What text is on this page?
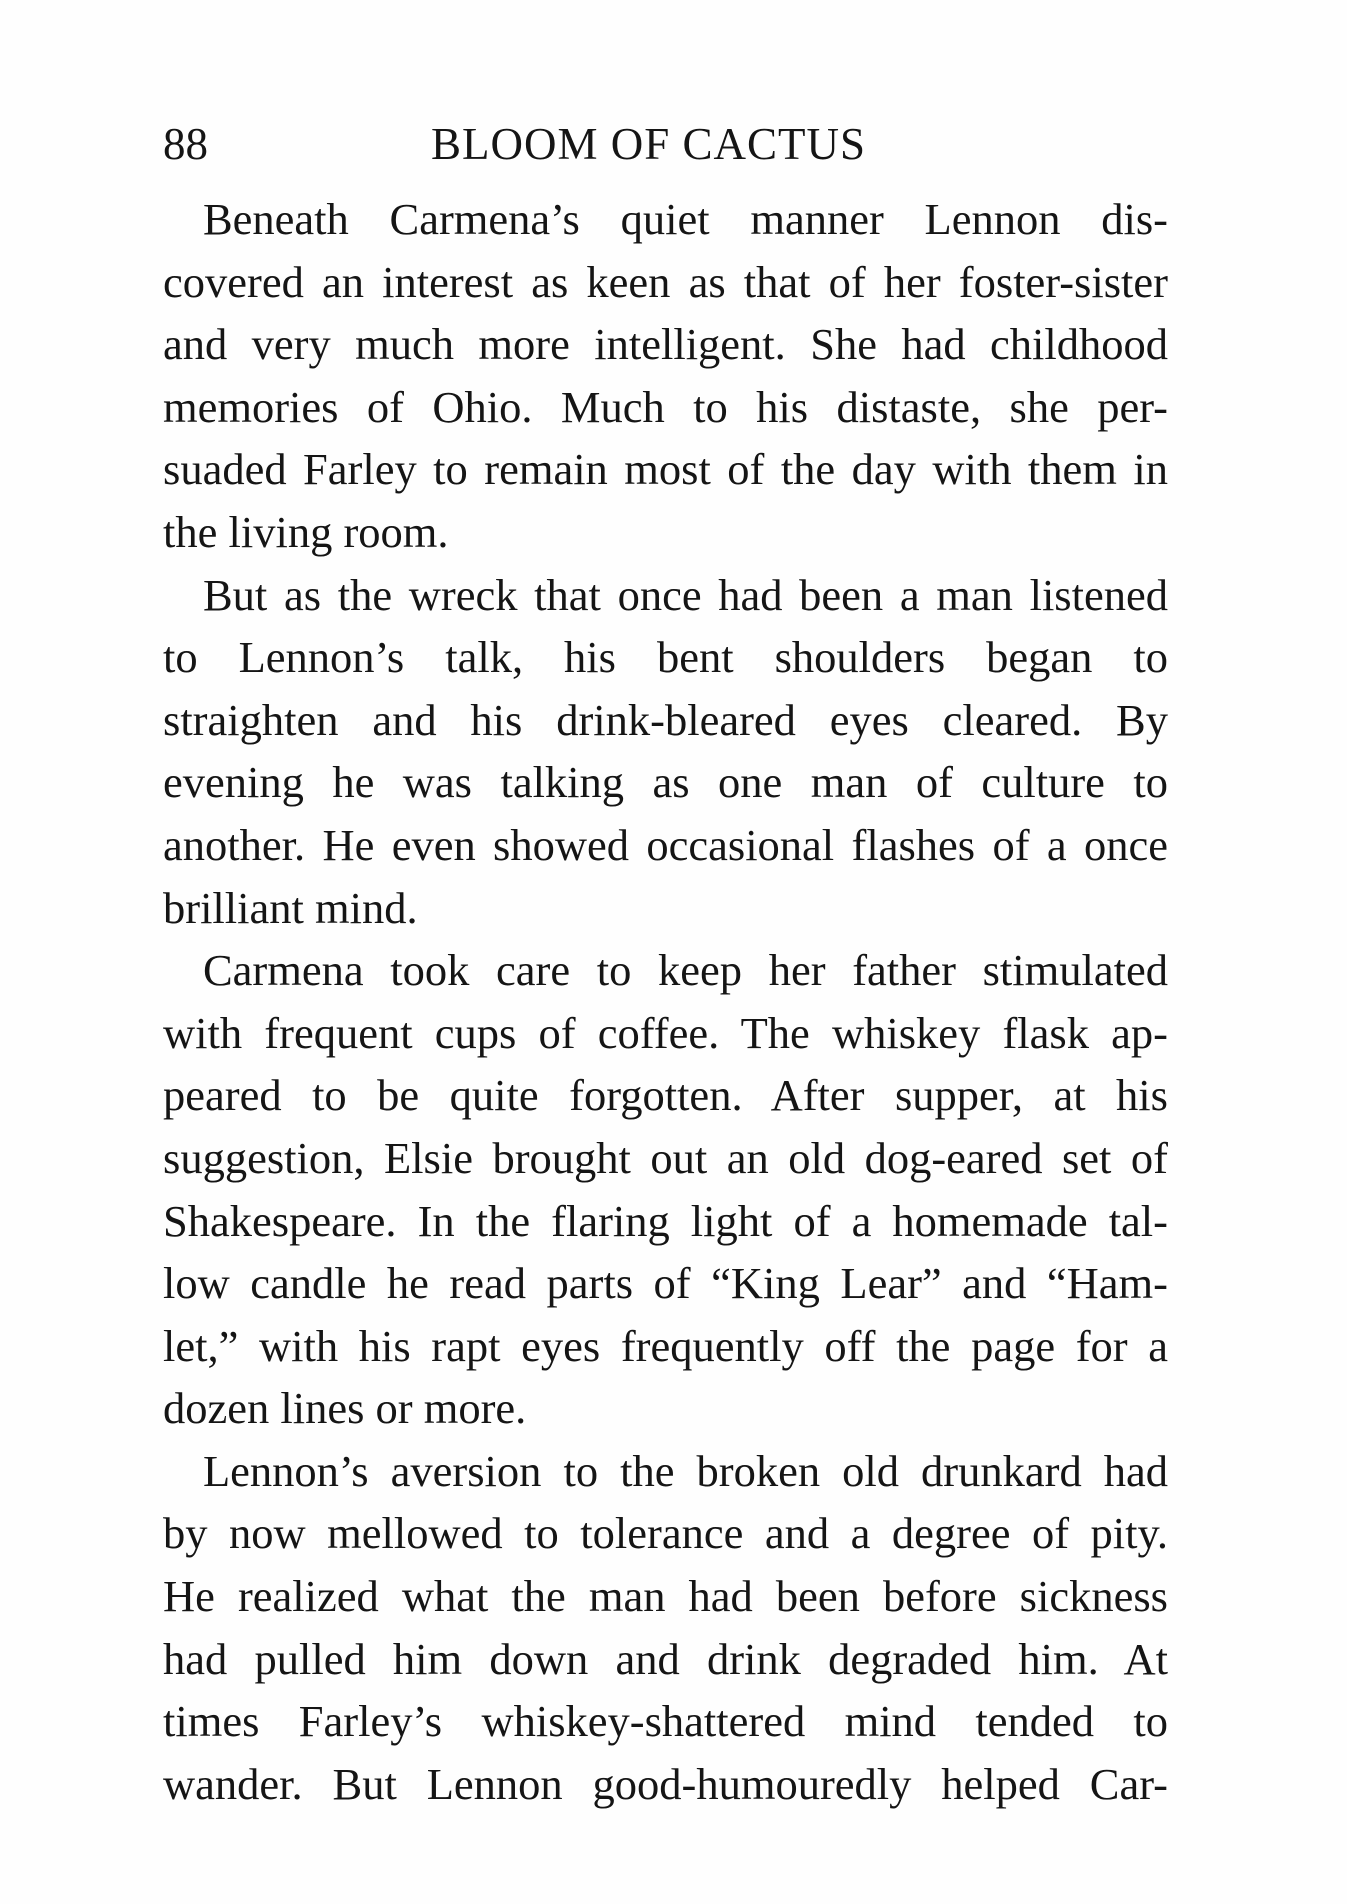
88	BLOOM OF CACTUS
Beneath Carmena’s quiet manner Lennon dis-
covered an interest as keen as that of her foster-sister
and very much more intelligent. She had childhood
memories of Ohio. Much to his distaste, she per-
suaded Farley to remain most of the day with them in
the living room.
But as the wreck that once had been a man listened
to Lennon’s talk, his bent shoulders began to
straighten and his drink-bleared eyes cleared. By
evening he was talking as one man of culture to
another. He even showed occasional flashes of a once
brilliant mind.
Carmena took care to keep her father stimulated
with frequent cups of coffee. The whiskey flask ap-
peared to be quite forgotten. After supper, at his
suggestion, Elsie brought out an old dog-eared set of
Shakespeare. In the flaring light of a homemade tal-
low candle he read parts of “King Lear” and “Ham-
let,” with his rapt eyes frequently off the page for a
dozen lines or more.
Lennon’s aversion to the broken old drunkard had
by now mellowed to tolerance and a degree of pity.
He realized what the man had been before sickness
had pulled him down and drink degraded him. At
times Farley’s whiskey-shattered mind tended to
wander. But Lennon good-humouredly helped Car-
